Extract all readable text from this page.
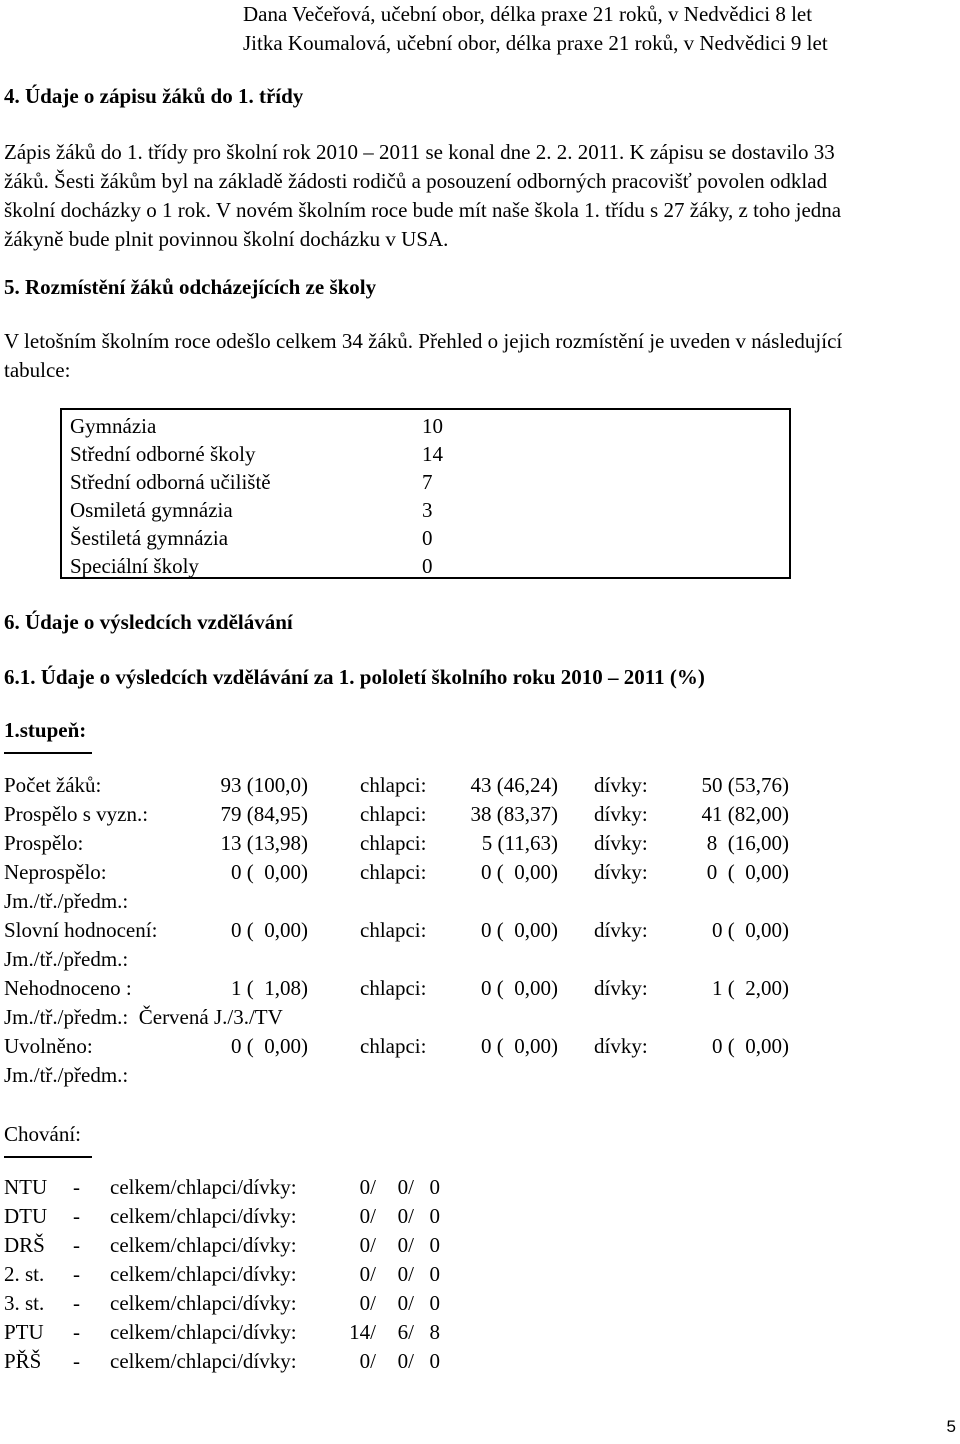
Dana Večeřová, učební obor, délka praxe 21 roků, v Nedvědici 8 let
Jitka Koumalová, učební obor, délka praxe 21 roků, v Nedvědici 9 let
4. Údaje o zápisu žáků do 1. třídy
Zápis žáků do 1. třídy pro školní rok 2010 – 2011 se konal dne 2. 2. 2011. K zápisu se dostavilo 33
žáků. Šesti žákům byl na základě žádosti rodičů a posouzení odborných pracovišť povolen odklad
školní docházky o 1 rok. V novém školním roce bude mít naše škola 1. třídu s 27 žáky, z toho jedna
žákyně bude plnit povinnou školní docházku v USA.
5. Rozmístění žáků odcházejících ze školy
V letošním školním roce odešlo celkem 34 žáků. Přehled o jejich rozmístění je uveden v následující
tabulce:
Gymnázia	10
Střední odborné školy	14
Střední odborná učiliště	7
Osmiletá gymnázia	3
Šestiletá gymnázia	0
Speciální školy	0
6. Údaje o výsledcích vzdělávání
6.1. Údaje o výsledcích vzdělávání za 1. pololetí školního roku 2010 – 2011 (%)
1.stupeň:
Počet žáků:	93 (100,0) chlapci: 43 (46,24) dívky:	50 (53,76)
Prospělo s vyzn.:	79 (84,95) chlapci: 38 (83,37) dívky:	41 (82,00)
Prospělo:	13 (13,98) chlapci:	5 (11,63) dívky:	8  (16,00)
Neprospělo:	0 (  0,00) chlapci:	0 (  0,00) dívky:	0  (  0,00)
Jm./tř./předm.:
Slovní hodnocení:	0 (  0,00) chlapci:	0 (  0,00) dívky:	0 (  0,00)
Jm./tř./předm.:
Nehodnoceno :	1 (  1,08) chlapci:	0 (  0,00) dívky:	1 (  2,00)
Jm./tř./předm.:  Červená J./3./TV
Uvolněno:	0 (  0,00) chlapci:	0 (  0,00) dívky:	0 (  0,00)
Jm./tř./předm.:
Chování:
NTU - celkem/chlapci/dívky:	0/ 0/ 0
DTU - celkem/chlapci/dívky:	0/ 0/ 0
DRŠ - celkem/chlapci/dívky:	0/ 0/ 0
2. st. - celkem/chlapci/dívky:	0/ 0/ 0
3. st. - celkem/chlapci/dívky:	0/ 0/ 0
PTU - celkem/chlapci/dívky:	14/ 6/ 8
PŘŠ - celkem/chlapci/dívky:	0/ 0/ 0
5
